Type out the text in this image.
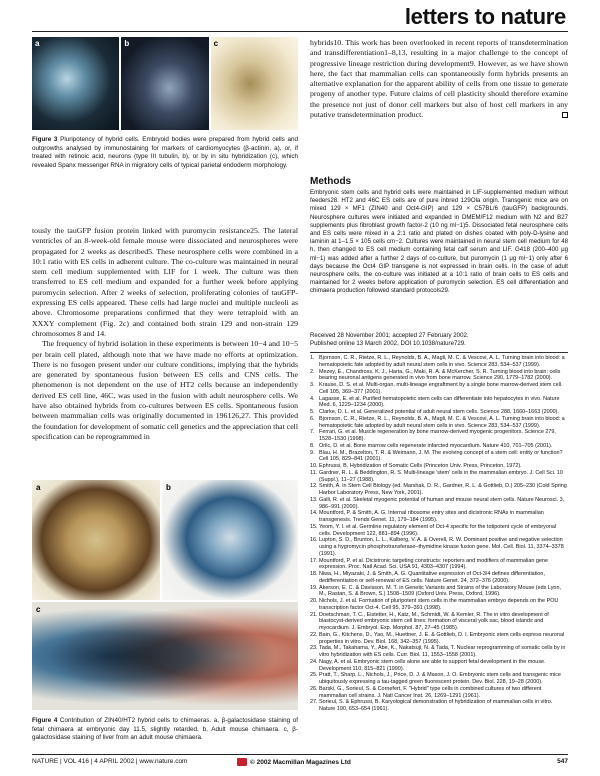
letters to nature
a	b	c
Figure 3 Pluripotency of hybrid cells. Embryoid bodies were prepared from hybrid cells and outgrowths analysed by immunostaining for markers of cardiomyocytes (β-actinin, a), or, if treated with retinoic acid, neurons (type III tubulin, b), or by in situ hybridization (c), which revealed Spanx messenger RNA in migratory cells of typical parietal endoderm morphology.

tously the tauGFP fusion protein linked with puromycin resistance25. The lateral ventricles of an 8-week-old female mouse were dissociated and neurospheres were propagated for 2 weeks as described5. These neurosphere cells were combined in a 10:1 ratio with ES cells in adherent culture. The co-culture was maintained in neural stem cell medium supplemented with LIF for 1 week. The culture was then transferred to ES cell medium and expanded for a further week before applying puromycin selection. After 2 weeks of selection, proliferating colonies of tauGFP-expressing ES cells appeared. These cells had large nuclei and multiple nucleoli as above. Chromosome preparations confirmed that they were tetraploid with an XXXY complement (Fig. 2c) and contained both strain 129 and non-strain 129 chromosomes 8 and 14.

The frequency of hybrid isolation in these experiments is between 10−4 and 10−5 per brain cell plated, although note that we have made no efforts at optimization. There is no fusogen present under our culture conditions, implying that the hybrids are generated by spontaneous fusion between ES cells and CNS cells. The phenomenon is not dependent on the use of HT2 cells because an independently derived ES cell line, 46C, was used in the fusion with adult neurosphere cells. We have also obtained hybrids from co-cultures between ES cells. Spontaneous fusion between mammalian cells was originally documented in 196126,27. This provided the foundation for development of somatic cell genetics and the appreciation that cell specification can be reprogrammed in

a	b
c
Figure 4 Contribution of ZIN40/HT2 hybrid cells to chimaeras. a, β-galactosidase staining of fetal chimaera at embryonic day 11.5, slightly retarded. b, Adult mouse chimaera. c, β-galactosidase staining of liver from an adult mouse chimaera.
hybrids10. This work has been overlooked in recent reports of transdetermination and transdifferentiation1–8,13, resulting in a major challenge to the concept of progressive lineage restriction during development9. However, as we have shown here, the fact that mammalian cells can spontaneously form hybrids presents an alternative explanation for the apparent ability of cells from one tissue to generate progeny of another type. Future claims of cell plasticity should therefore examine the presence not just of donor cell markers but also of host cell markers in any putative transdetermination product.
Methods
Embryonic stem cells and hybrid cells were maintained in LIF-supplemented medium without feeders28. HT2 and 46C ES cells are of pure inbred 129Ola origin. Transgenic mice are on mixed 129 × MF1 (ZIN40 and Oct4-GIP) and 129 × C57BL/6 (tauGFP) backgrounds. Neurosphere cultures were initiated and expanded in DMEM/F12 medium with N2 and B27 supplements plus fibroblast growth factor-2 (10 ng ml−1)5. Dissociated fetal neurosphere cells and ES cells were mixed in a 2:1 ratio and plated on dishes coated with poly-D-lysine and laminin at 1–1.5 × 105 cells cm−2. Cultures were maintained in neural stem cell medium for 48 h, then changed to ES cell medium containing fetal calf serum and LIF. G418 (200–400 μg ml−1) was added after a further 2 days of co-culture, but puromycin (1 μg ml−1) only after 6 days because the Oct4 GIP transgene is not expressed in brain cells. In the case of adult neurosphere cells, the co-culture was initiated at a 10:1 ratio of brain cells to ES cells and maintained for 2 weeks before application of puromycin selection. ES cell differentiation and chimaera production followed standard protocols29.
Received 28 November 2001; accepted 27 February 2002.
Published online 13 March 2002, DOI 10.1038/nature729.
1. Bjornson, C. R., Rietze, R. L., Reynolds, B. A., Magli, M. C. & Vescovi, A. L. Turning brain into blood: a hematopoietic fate adopted by adult neural stem cells in vivo. Science 283, 534–537 (1999).
2. Mezey, E., Chandross, K. J., Harta, G., Maki, R. A. & McKercher, S. R. Turning blood into brain: cells bearing neuronal antigens generated in vivo from bone marrow. Science 290, 1779–1782 (2000).
3. Krause, D. S. et al. Multi-organ, multi-lineage engraftment by a single bone marrow-derived stem cell. Cell 105, 369–377 (2001).
4. Lagasse, E. et al. Purified hematopoietic stem cells can differentiate into hepatocytes in vivo. Nature Med. 6, 1229–1234 (2000).
5. Clarke, D. L. et al. Generalized potential of adult neural stem cells. Science 288, 1660–1663 (2000).
6. Bjornson, C. R., Rietze, R. L., Reynolds, B. A., Magli, M. C. & Vescovi, A. L. Turning brain into blood: a hematopoietic fate adopted by adult neural stem cells in vivo. Science 283, 534–537 (1999).
7. Ferrari, G. et al. Muscle regeneration by bone marrow-derived myogenic progenitors. Science 279, 1528–1530 (1998).
8. Orlic, D. et al. Bone marrow cells regenerate infarcted myocardium. Nature 410, 701–705 (2001).
9. Blau, H. M., Brazelton, T. R. & Weimann, J. M. The evolving concept of a stem cell: entity or function? Cell 105, 829–841 (2001).
10. Ephrussi, B. Hybridization of Somatic Cells (Princeton Univ. Press, Princeton, 1972).
11. Gardner, R. L. & Beddington, R. S. Multi-lineage 'stem' cells in the mammalian embryo. J. Cell Sci. 10 (Suppl.), 11–27 (1988).
12. Smith, A. in Stem Cell Biology (ed. Marshak, D. R., Gardner, R. L. & Gottlieb, D.) 205–230 (Cold Spring Harbor Laboratory Press, New York, 2001).
13. Galli, R. et al. Skeletal myogenic potential of human and mouse neural stem cells. Nature Neurosci. 3, 986–991 (2000).
14. Mountford, P. & Smith, A. G. Internal ribosome entry sites and dicistronic RNAs in mammalian transgenesis. Trends Genet. 11, 179–184 (1995).
15. Yeom, Y. I. et al. Germline regulatory element of Oct-4 specific for the totipotent cycle of embryonal cells. Development 122, 881–894 (1996).
16. Lupton, S. D., Brunton, L. L., Kalberg, V. A. & Overell, R. W. Dominant positive and negative selection using a hygromycin phosphotransferase–thymidine kinase fusion gene. Mol. Cell. Biol. 11, 3374–3378 (1991).
17. Mountford, P. et al. Dicistronic targeting constructs: reporters and modifiers of mammalian gene expression. Proc. Natl Acad. Sci. USA 91, 4303–4307 (1994).
18. Niwa, H., Miyazaki, J. & Smith, A. G. Quantitative expression of Oct-3/4 defines differentiation, dedifferentiation or self-renewal of ES cells. Nature Genet. 24, 372–376 (2000).
19. Akerson, E. C. & Davisson, M. T. in Genetic Variants and Strains of the Laboratory Mouse (eds Lyon, M., Rastan, S. & Brown, S.) 1508–1509 (Oxford Univ. Press, Oxford, 1996).
20. Nichols, J. et al. Formation of pluripotent stem cells in the mammalian embryo depends on the POU transcription factor Oct-4. Cell 95, 379–391 (1998).
21. Doetschman, T. C., Eistetter, H., Katz, M., Schmidt, W. & Kemler, R. The in vitro development of blastocyst-derived embryonic stem cell lines: formation of visceral yolk sac, blood islands and myocardium. J. Embryol. Exp. Morphol. 87, 27–45 (1985).
22. Bain, G., Kitchens, D., Yao, M., Huettner, J. E. & Gottlieb, D. I. Embryonic stem cells express neuronal properties in vitro. Dev. Biol. 168, 342–357 (1995).
23. Tada, M., Takahama, Y., Abe, K., Nakatsuji, N. & Tada, T. Nuclear reprogramming of somatic cells by in vitro hybridization with ES cells. Curr. Biol. 11, 1553–1558 (2001).
24. Nagy, A. et al. Embryonic stem cells alone are able to support fetal development in the mouse. Development 110, 815–821 (1990).
25. Pratt, T., Sharp, L., Nichols, J., Price, D. J. & Mason, J. O. Embryonic stem cells and transgenic mice ubiquitously expressing a tau-tagged green fluorescent protein. Dev. Biol. 228, 19–28 (2000).
26. Barski, G., Sorieul, S. & Cornefert, F. "Hybrid" type cells in combined cultures of two different mammalian cell strains. J. Natl Cancer Inst. 26, 1269–1291 (1961).
27. Sorieul, S. & Ephrussi, B. Karyological demonstration of hybridization of mammalian cells in vitro. Nature 190, 653–654 (1961).
NATURE | VOL 416 | 4 APRIL 2002 | www.nature.com	© 2002 Macmillan Magazines Ltd	547
